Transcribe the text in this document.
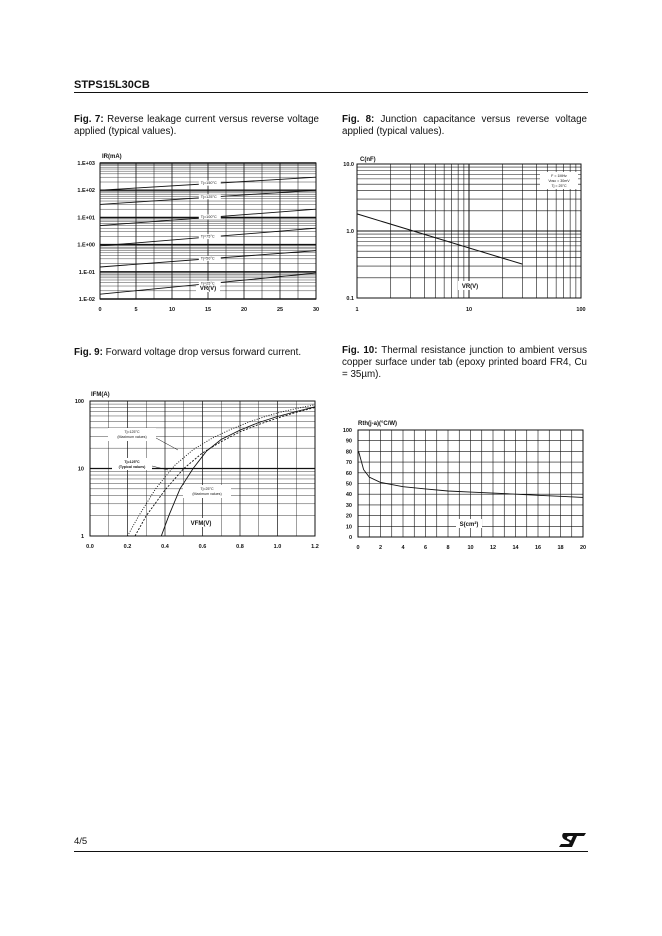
STPS15L30CB
Fig. 7: Reverse leakage current versus reverse voltage applied (typical values).
Fig. 8: Junction capacitance versus reverse voltage applied (typical values).
Fig. 9: Forward voltage drop versus forward current.	Fig. 10: Thermal resistance junction to ambient versus copper surface under tab (epoxy printed board FR4, Cu = 35µm).
1.E+03
1.E+02
1.E+01
1.E+00
1.E-01
1.E-02
0	5	10	15	20	25	30
IR(mA)
VR(V)
Tj=150°C
Tj=125°C
Tj=100°C
Tj=75°C
Tj=50°C
Tj=25°C
10.0
1.0
0.1
1	10	100
C(nF)
VR(V)
F = 1MHz
Vosc = 30mV
Tj = 25°C
100
10
1
0.0	0.2	0.4	0.6	0.8	1.0	1.2
IFM(A)
VFM(V)
Tj=125°C
(Maximum values)
Tj=125°C
(Typical values)
Tj=25°C
(Maximum values)
100
90
80
70
60
50
40
30
20
10
0
0	2	4	6	8	10	12	14	16	18	20
Rth(j-a)(°C/W)
S(cm²)
4/5
